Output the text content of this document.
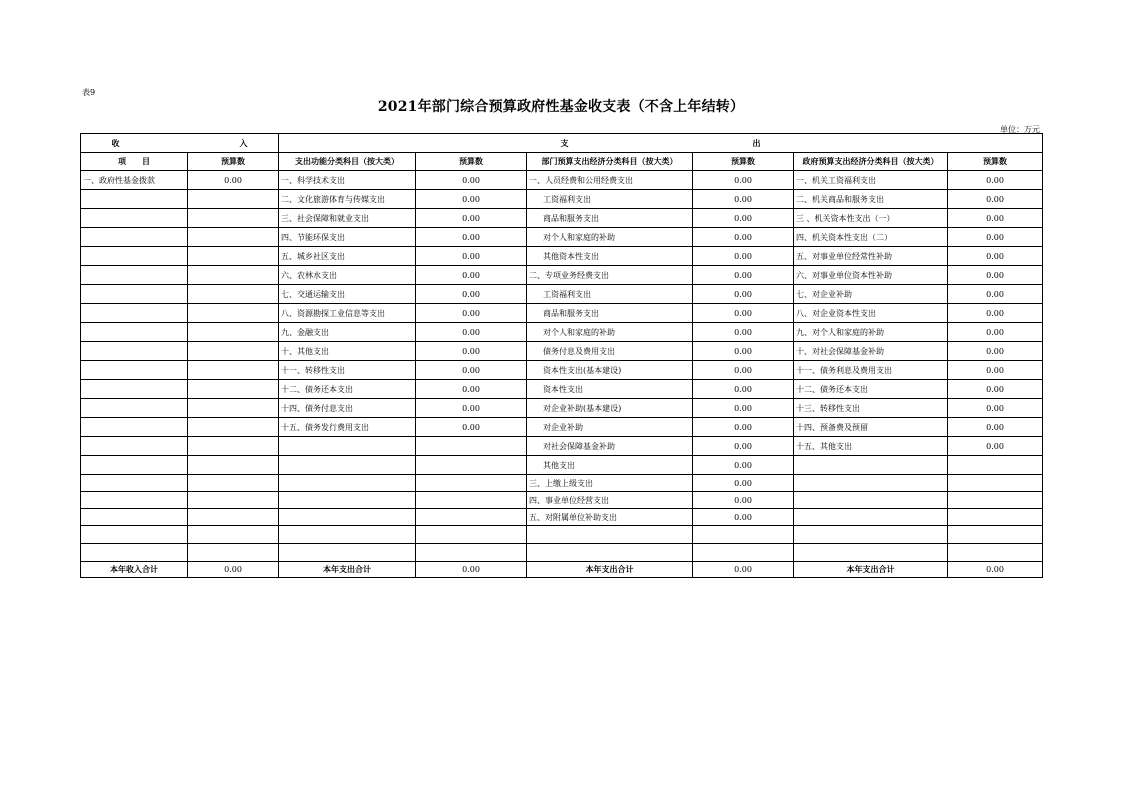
表9
2021年部门综合预算政府性基金收支表（不含上年结转）
单位：万元
收　　　　　　　　　　　　　　　入		支　　　　　　　　　　　　　　　　　　　　　　　出					
项　　目	预算数	支出功能分类科目（按大类）	预算数	部门预算支出经济分类科目（按大类）	预算数	政府预算支出经济分类科目（按大类）	预算数
一、政府性基金拨款	0.00	一、科学技术支出	0.00	一、人员经费和公用经费支出	0.00	一、机关工资福利支出	0.00
		二、文化旅游体育与传媒支出	0.00	工资福利支出	0.00	二、机关商品和服务支出	0.00
		三、社会保障和就业支出	0.00	商品和服务支出	0.00	三 、机关资本性支出（一）	0.00
		四、节能环保支出	0.00	对个人和家庭的补助	0.00	四、机关资本性支出（二）	0.00
		五、城乡社区支出	0.00	其他资本性支出	0.00	五、对事业单位经常性补助	0.00
		六、农林水支出	0.00	二、专项业务经费支出	0.00	六、对事业单位资本性补助	0.00
		七、交通运输支出	0.00	工资福利支出	0.00	七、对企业补助	0.00
		八、资源勘探工业信息等支出	0.00	商品和服务支出	0.00	八、对企业资本性支出	0.00
		九、金融支出	0.00	对个人和家庭的补助	0.00	九、对个人和家庭的补助	0.00
		十、其他支出	0.00	债务付息及费用支出	0.00	十、对社会保障基金补助	0.00
		十一、转移性支出	0.00	资本性支出(基本建设)	0.00	十一、债务利息及费用支出	0.00
		十二、债务还本支出	0.00	资本性支出	0.00	十二、债务还本支出	0.00
		十四、债务付息支出	0.00	对企业补助(基本建设)	0.00	十三、转移性支出	0.00
		十五、债务发行费用支出	0.00	对企业补助	0.00	十四、预备费及预留	0.00
				对社会保障基金补助	0.00	十五、其他支出	0.00
				其他支出	0.00		
				三、上缴上级支出	0.00		
				四、事业单位经营支出	0.00		
				五、对附属单位补助支出	0.00		

本年收入合计	0.00	本年支出合计	0.00	本年支出合计	0.00	本年支出合计	0.00
